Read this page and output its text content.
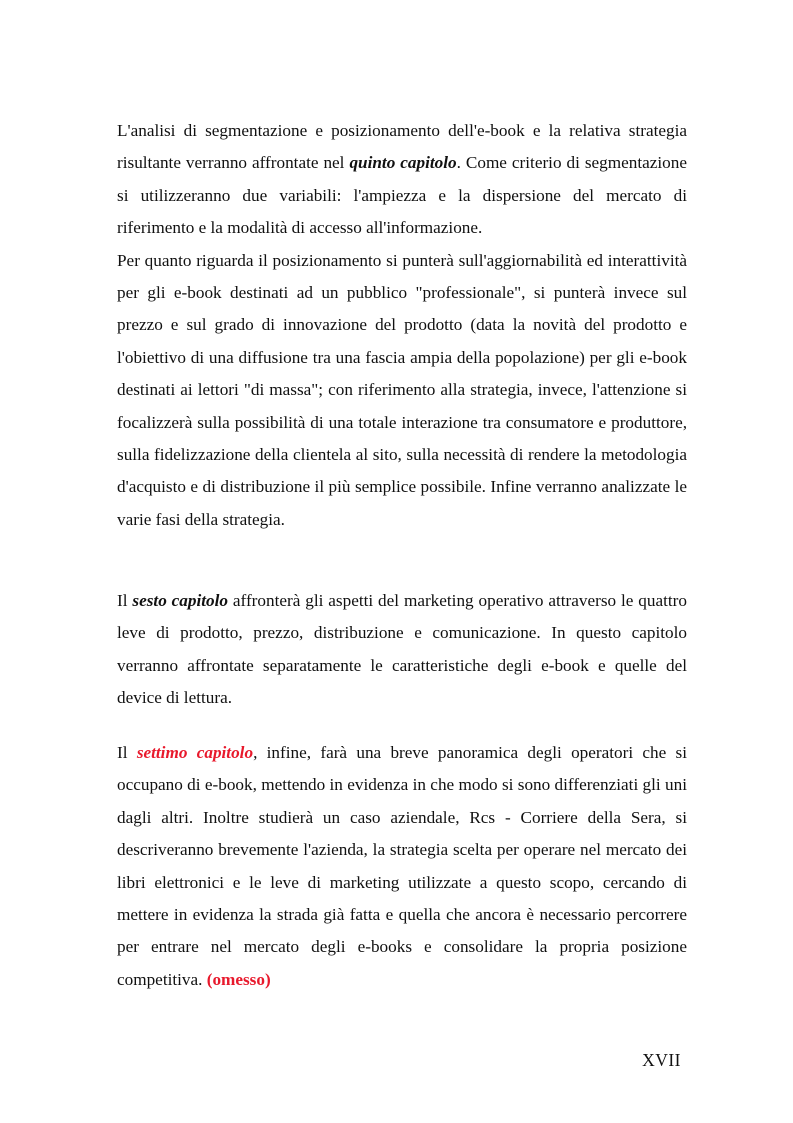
L'analisi di segmentazione e posizionamento dell'e-book e la relativa strategia risultante verranno affrontate nel quinto capitolo. Come criterio di segmentazione si utilizzeranno due variabili: l'ampiezza e la dispersione del mercato di riferimento e la modalità di accesso all'informazione.

Per quanto riguarda il posizionamento si punterà sull'aggiornabilità ed interattività per gli e-book destinati ad un pubblico "professionale", si punterà invece sul prezzo e sul grado di innovazione del prodotto (data la novità del prodotto e l'obiettivo di una diffusione tra una fascia ampia della popolazione) per gli e-book destinati ai lettori "di massa"; con riferimento alla strategia, invece, l'attenzione si focalizzerà sulla possibilità di una totale interazione tra consumatore e produttore, sulla fidelizzazione della clientela al sito, sulla necessità di rendere la metodologia d'acquisto e di distribuzione il più semplice possibile. Infine verranno analizzate le varie fasi della strategia.

Il sesto capitolo affronterà gli aspetti del marketing operativo attraverso le quattro leve di prodotto, prezzo, distribuzione e comunicazione. In questo capitolo verranno affrontate separatamente le caratteristiche degli e-book e quelle del device di lettura.

Il settimo capitolo, infine, farà una breve panoramica degli operatori che si occupano di e-book, mettendo in evidenza in che modo si sono differenziati gli uni dagli altri. Inoltre studierà un caso aziendale, Rcs - Corriere della Sera, si descriveranno brevemente l'azienda, la strategia scelta per operare nel mercato dei libri elettronici e le leve di marketing utilizzate a questo scopo, cercando di mettere in evidenza la strada già fatta e quella che ancora è necessario percorrere per entrare nel mercato degli e-books e consolidare la propria posizione competitiva. (omesso)

XVII
